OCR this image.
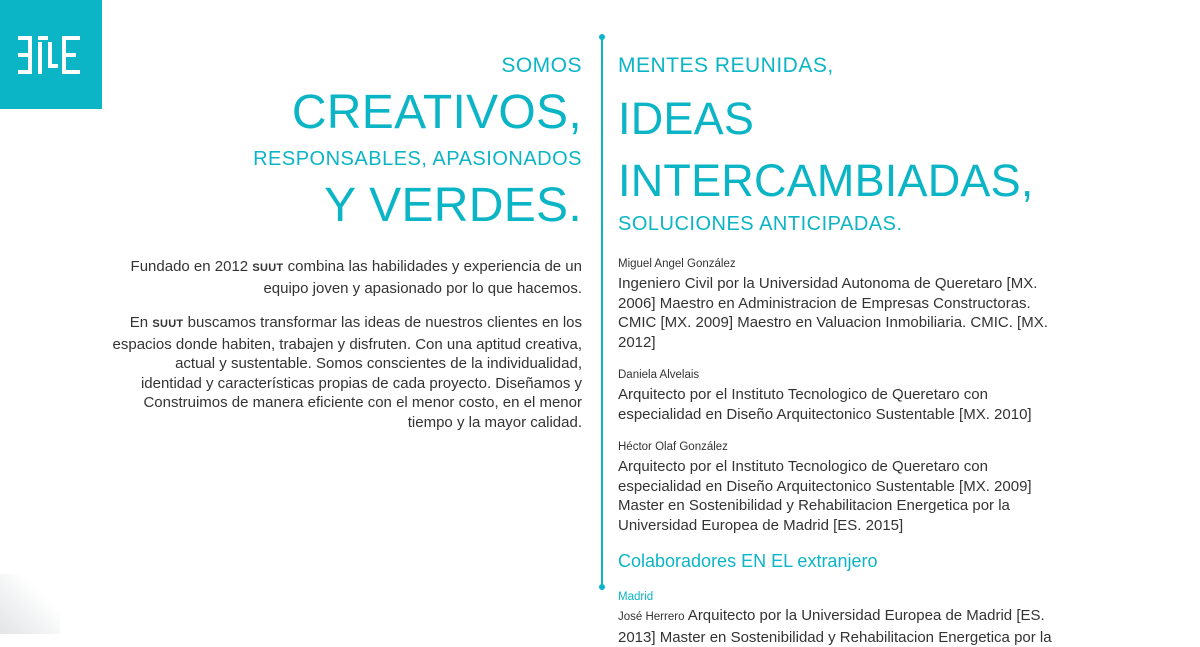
SOMOS
CREATIVOS,
RESPONSABLES, APASIONADOS
Y VERDES.
Fundado en 2012 SUUT combina las habilidades y experiencia de un equipo joven y apasionado por lo que hacemos.
En SUUT buscamos transformar las ideas de nuestros clientes en los espacios donde habiten, trabajen y disfruten. Con una aptitud creativa, actual y sustentable. Somos conscientes de la individualidad, identidad y características propias de cada proyecto. Diseñamos y Construimos de manera eficiente con el menor costo, en el menor tiempo y la mayor calidad.
MENTES REUNIDAS,
IDEAS
INTERCAMBIADAS,
SOLUCIONES ANTICIPADAS.
Miguel Angel González
Ingeniero Civil por la Universidad Autonoma de Queretaro [MX. 2006] Maestro en Administracion de Empresas Constructoras. CMIC [MX. 2009] Maestro en Valuacion Inmobiliaria. CMIC. [MX. 2012]
Daniela Alvelais
Arquitecto por el Instituto Tecnologico de Queretaro con especialidad en Diseño Arquitectonico Sustentable [MX. 2010]
Héctor Olaf González
Arquitecto por el Instituto Tecnologico de Queretaro con especialidad en Diseño Arquitectonico Sustentable [MX. 2009] Master en Sostenibilidad y Rehabilitacion Energetica por la Universidad Europea de Madrid [ES. 2015]
Colaboradores EN EL extranjero
Madrid
José Herrero Arquitecto por la Universidad Europea de Madrid [ES. 2013] Master en Sostenibilidad y Rehabilitacion Energetica por la
